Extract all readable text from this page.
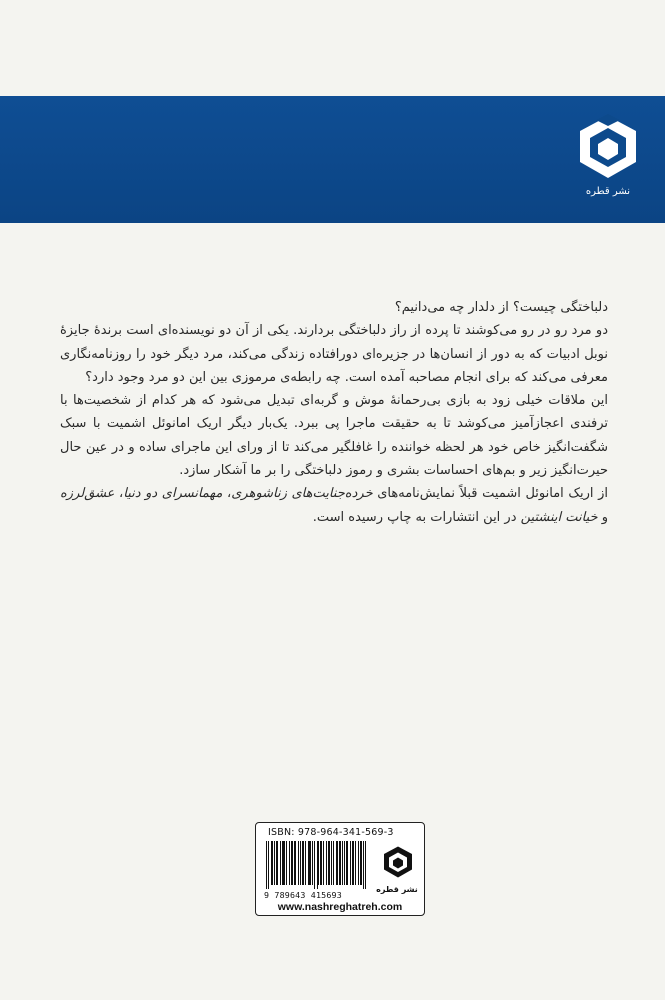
نشر قطره

دلباختگی چیست؟ از دلدار چه می‌دانیم؟

دو مرد رو در رو می‌کوشند تا پرده از راز دلباختگی بردارند. یکی از آن دو نویسنده‌ای است برندهٔ جایزهٔ نوبل ادبیات که به دور از انسان‌ها در جزیره‌ای دورافتاده زندگی می‌کند، مرد دیگر خود را روزنامه‌نگاری معرفی می‌کند که برای انجام مصاحبه آمده است. چه رابطه‌ی مرموزی بین این دو مرد وجود دارد؟

این ملاقات خیلی زود به بازی بی‌رحمانهٔ موش و گربه‌ای تبدیل می‌شود که هر کدام از شخصیت‌ها با ترفندی اعجازآمیز می‌کوشد تا به حقیقت ماجرا پی ببرد. یک‌بار دیگر اریک امانوئل اشمیت با سبک شگفت‌انگیز خاص خود هر لحظه خواننده را غافلگیر می‌کند تا از ورای این ماجرای ساده و در عین حال حیرت‌انگیز زیر و بم‌های احساسات بشری و رموز دلباختگی را بر ما آشکار سازد.

از اریک امانوئل اشمیت قبلاً نمایش‌نامه‌های خرده‌جنایت‌های زناشوهری، مهمانسرای دو دنیا، عشق‌لرزه و خیانت اینشتین در این انتشارات به چاپ رسیده است.

ISBN: 978-964-341-569-3
9 789643 415693
نشر قطره
www.nashreghatreh.com
